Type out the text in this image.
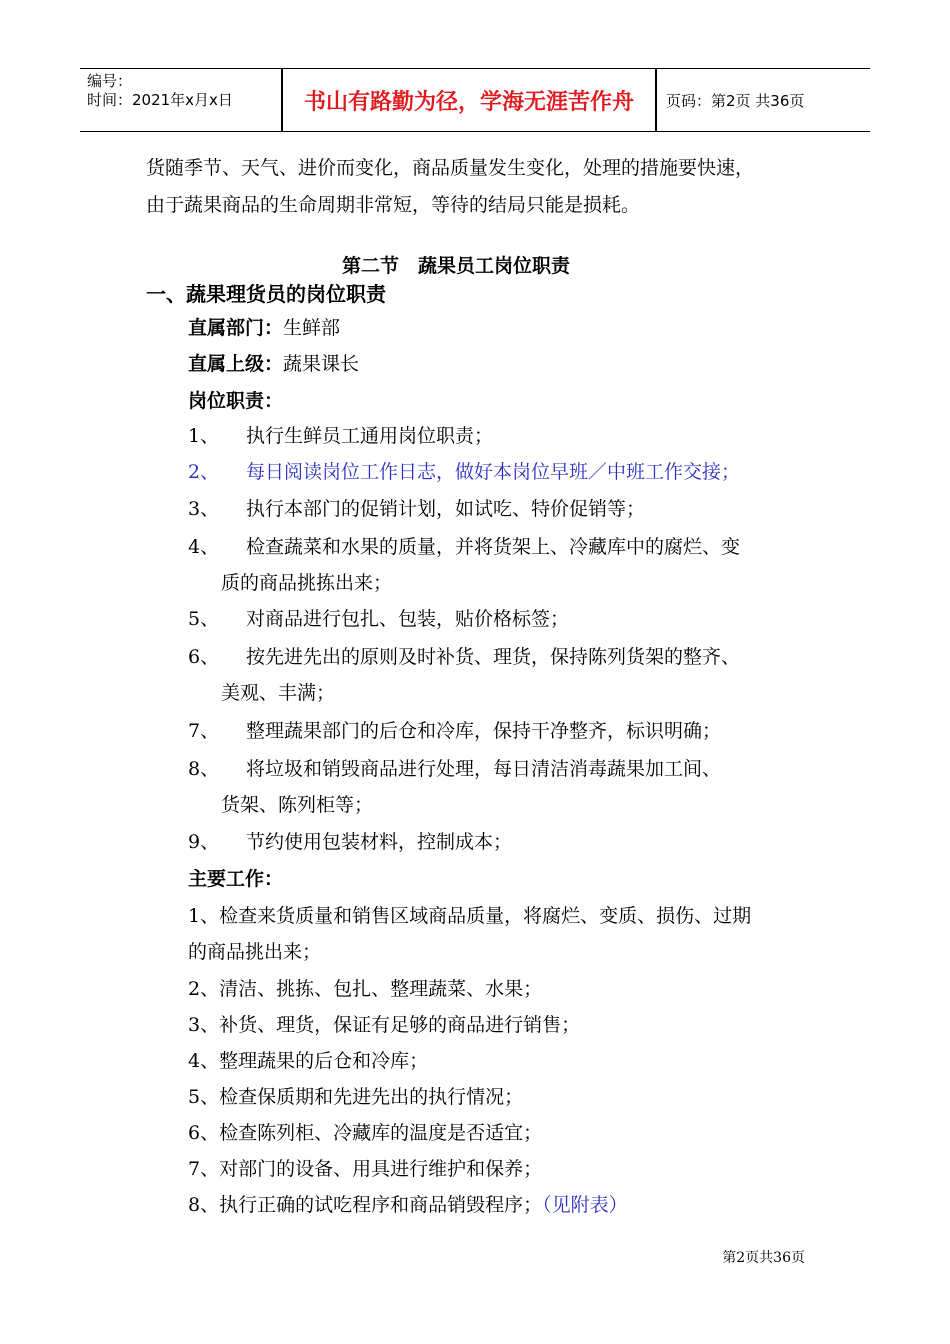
编号：
时间：2021年x月x日	书山有路勤为径，学海无涯苦作舟	页码：第2页 共36页
货随季节、天气、进价而变化，商品质量发生变化，处理的措施要快速，
由于蔬果商品的生命周期非常短，等待的结局只能是损耗。
第二节　蔬果员工岗位职责
一、蔬果理货员的岗位职责
直属部门：生鲜部
直属上级：蔬果课长
岗位职责：
1、 执行生鲜员工通用岗位职责；
2、 每日阅读岗位工作日志，做好本岗位早班／中班工作交接；
3、 执行本部门的促销计划，如试吃、特价促销等；
4、 检查蔬菜和水果的质量，并将货架上、冷藏库中的腐烂、变
质的商品挑拣出来；
5、 对商品进行包扎、包装，贴价格标签；
6、 按先进先出的原则及时补货、理货，保持陈列货架的整齐、
美观、丰满；
7、 整理蔬果部门的后仓和冷库，保持干净整齐，标识明确；
8、 将垃圾和销毁商品进行处理，每日清洁消毒蔬果加工间、
货架、陈列柜等；
9、 节约使用包装材料，控制成本；
主要工作：
1、检查来货质量和销售区域商品质量，将腐烂、变质、损伤、过期
的商品挑出来；
2、清洁、挑拣、包扎、整理蔬菜、水果；
3、补货、理货，保证有足够的商品进行销售；
4、整理蔬果的后仓和冷库；
5、检查保质期和先进先出的执行情况；
6、检查陈列柜、冷藏库的温度是否适宜；
7、对部门的设备、用具进行维护和保养；
8、执行正确的试吃程序和商品销毁程序；（见附表）
第2页共36页
